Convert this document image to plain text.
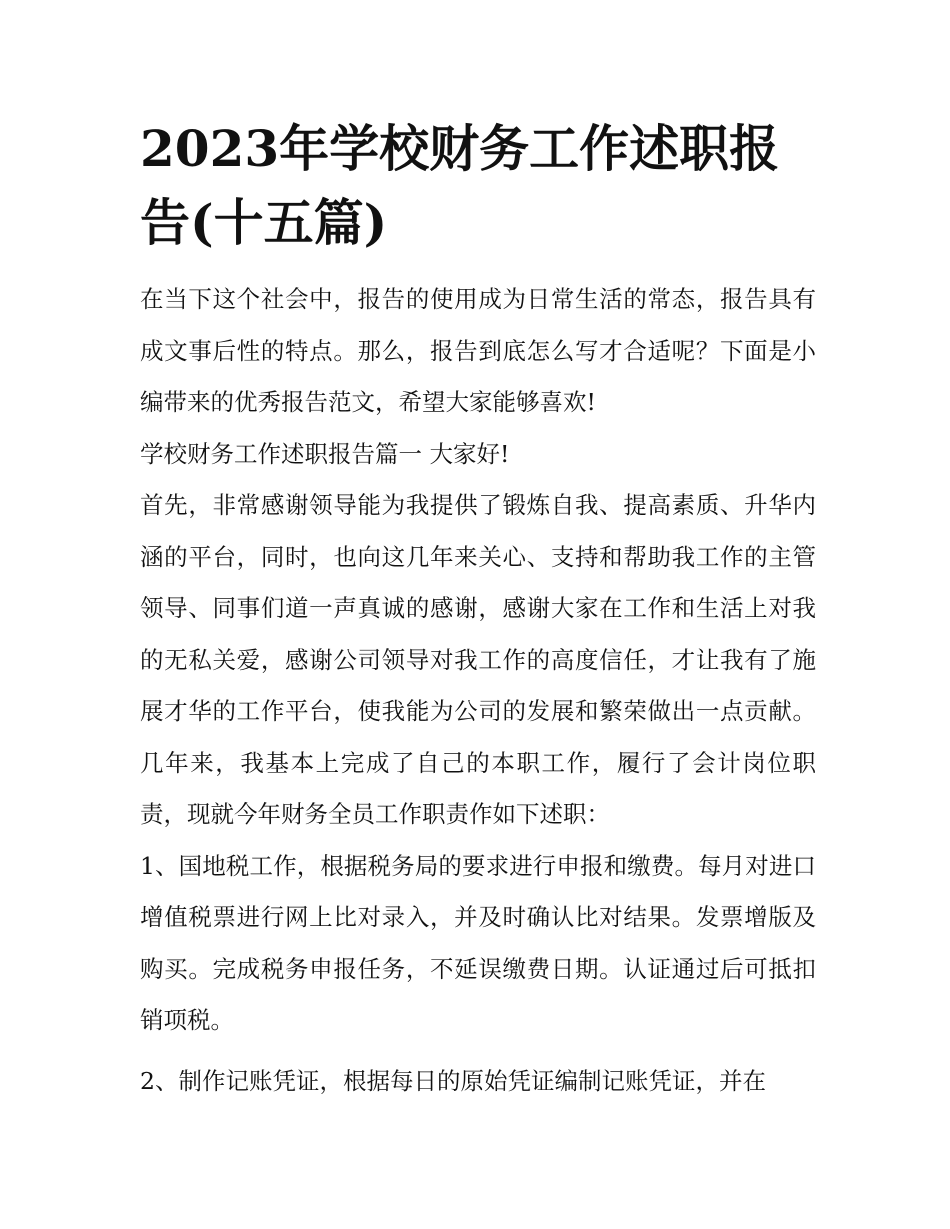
2023年学校财务工作述职报告(十五篇)

在当下这个社会中，报告的使用成为日常生活的常态，报告具有成文事后性的特点。那么，报告到底怎么写才合适呢？下面是小编带来的优秀报告范文，希望大家能够喜欢!

学校财务工作述职报告篇一 大家好!

首先，非常感谢领导能为我提供了锻炼自我、提高素质、升华内涵的平台，同时，也向这几年来关心、支持和帮助我工作的主管领导、同事们道一声真诚的感谢，感谢大家在工作和生活上对我的无私关爱，感谢公司领导对我工作的高度信任，才让我有了施展才华的工作平台，使我能为公司的发展和繁荣做出一点贡献。几年来，我基本上完成了自己的本职工作，履行了会计岗位职责，现就今年财务全员工作职责作如下述职：

1、国地税工作，根据税务局的要求进行申报和缴费。每月对进口增值税票进行网上比对录入，并及时确认比对结果。发票增版及购买。完成税务申报任务，不延误缴费日期。认证通过后可抵扣销项税。

2、制作记账凭证，根据每日的原始凭证编制记账凭证，并在
